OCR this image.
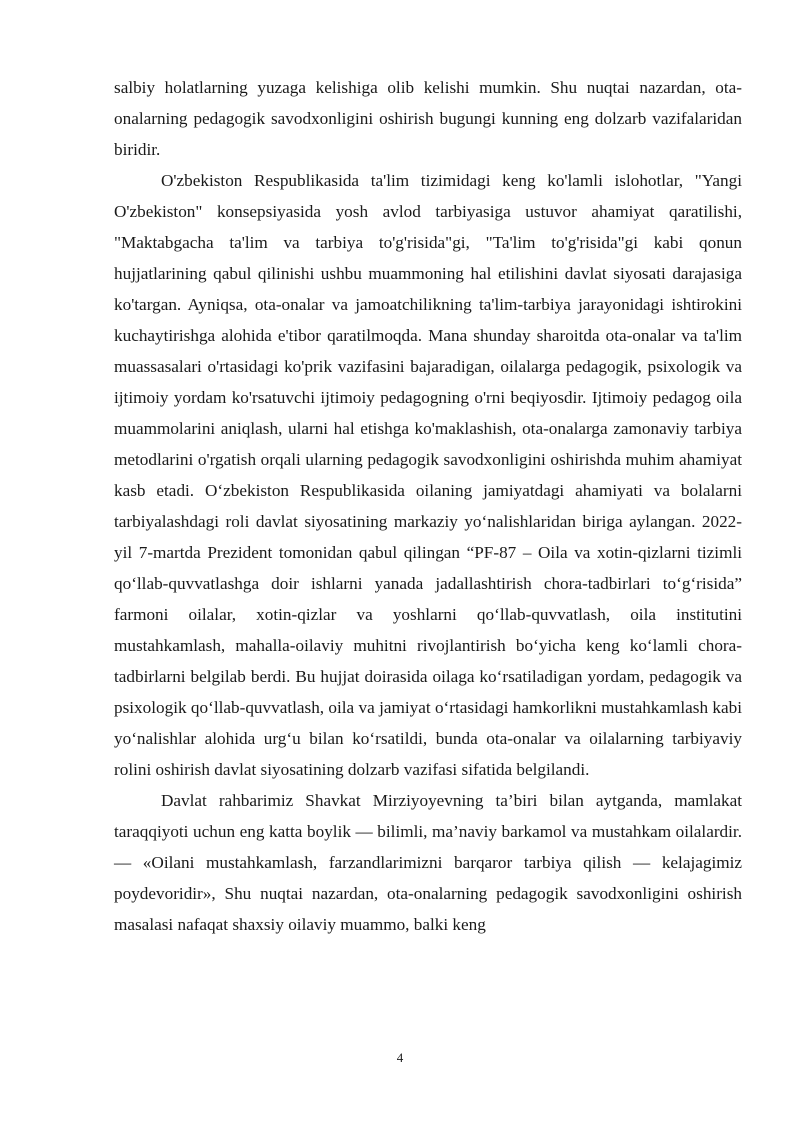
salbiy holatlarning yuzaga kelishiga olib kelishi mumkin. Shu nuqtai nazardan, ota-onalarning pedagogik savodxonligini oshirish bugungi kunning eng dolzarb vazifalaridan biridir.

O'zbekiston Respublikasida ta'lim tizimidagi keng ko'lamli islohotlar, "Yangi O'zbekiston" konsepsiyasida yosh avlod tarbiyasiga ustuvor ahamiyat qaratilishi, "Maktabgacha ta'lim va tarbiya to'g'risida"gi, "Ta'lim to'g'risida"gi kabi qonun hujjatlarining qabul qilinishi ushbu muammoning hal etilishini davlat siyosati darajasiga ko'targan. Ayniqsa, ota-onalar va jamoatchilikning ta'lim-tarbiya jarayonidagi ishtirokini kuchaytirishga alohida e'tibor qaratilmoqda. Mana shunday sharoitda ota-onalar va ta'lim muassasalari o'rtasidagi ko'prik vazifasini bajaradigan, oilalarga pedagogik, psixologik va ijtimoiy yordam ko'rsatuvchi ijtimoiy pedagogning o'rni beqiyosdir. Ijtimoiy pedagog oila muammolarini aniqlash, ularni hal etishga ko'maklashish, ota-onalarga zamonaviy tarbiya metodlarini o'rgatish orqali ularning pedagogik savodxonligini oshirishda muhim ahamiyat kasb etadi. O‘zbekiston Respublikasida oilaning jamiyatdagi ahamiyati va bolalarni tarbiyalashdagi roli davlat siyosatining markaziy yo‘nalishlaridan biriga aylangan. 2022-yil 7-martda Prezident tomonidan qabul qilingan “PF-87 – Oila va xotin-qizlarni tizimli qo‘llab-quvvatlashga doir ishlarni yanada jadallashtirish chora-tadbirlari to‘g‘risida” farmoni oilalar, xotin-qizlar va yoshlarni qo‘llab-quvvatlash, oila institutini mustahkamlash, mahalla-oilaviy muhitni rivojlantirish bo‘yicha keng ko‘lamli chora-tadbirlarni belgilab berdi. Bu hujjat doirasida oilaga ko‘rsatiladigan yordam, pedagogik va psixologik qo‘llab-quvvatlash, oila va jamiyat o‘rtasidagi hamkorlikni mustahkamlash kabi yo‘nalishlar alohida urg‘u bilan ko‘rsatildi, bunda ota-onalar va oilalarning tarbiyaviy rolini oshirish davlat siyosatining dolzarb vazifasi sifatida belgilandi.

Davlat rahbarimiz Shavkat Mirziyoyevning ta’biri bilan aytganda, mamlakat taraqqiyoti uchun eng katta boylik — bilimli, ma’naviy barkamol va mustahkam oilalardir. — «Oilani mustahkamlash, farzandlarimizni barqaror tarbiya qilish — kelajagimiz poydevoridir», Shu nuqtai nazardan, ota-onalarning pedagogik savodxonligini oshirish masalasi nafaqat shaxsiy oilaviy muammo, balki keng

4
